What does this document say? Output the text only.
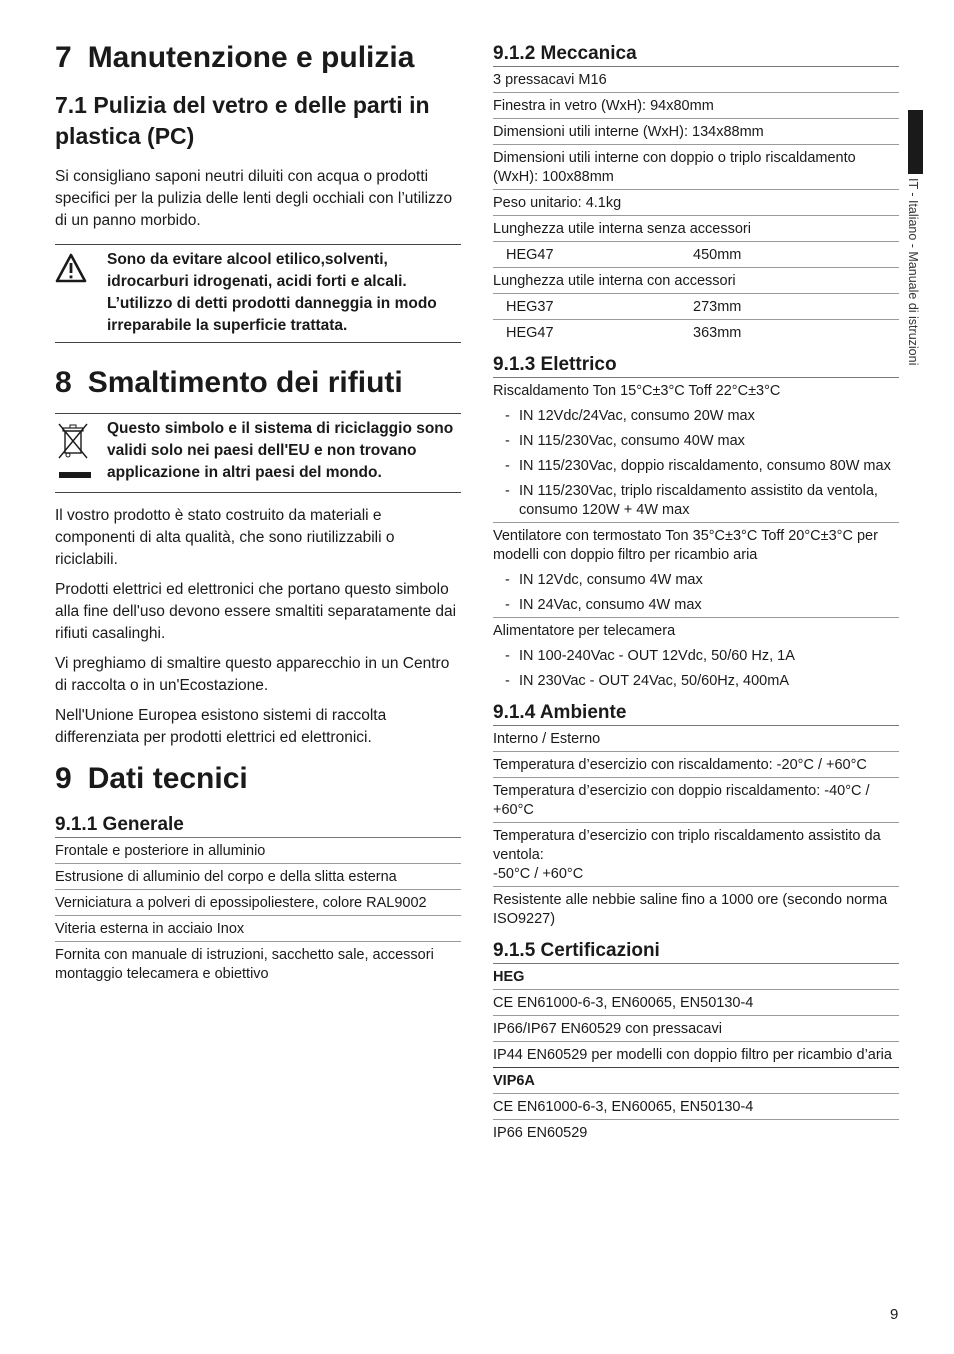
7 Manutenzione e pulizia
7.1 Pulizia del vetro e delle parti in plastica (PC)

Si consigliano saponi neutri diluiti con acqua o prodotti specifici per la pulizia delle lenti degli occhiali con l’utilizzo di un panno morbido.

Sono da evitare alcool etilico,solventi, idrocarburi idrogenati, acidi forti e alcali. L’utilizzo di detti prodotti danneggia in modo irreparabile la superficie trattata.
8 Smaltimento dei rifiuti
Questo simbolo e il sistema di riciclaggio sono validi solo nei paesi dell'EU e non trovano applicazione in altri paesi del mondo.

Il vostro prodotto è stato costruito da materiali e componenti di alta qualità, che sono riutilizzabili o riciclabili.

Prodotti elettrici ed elettronici che portano questo simbolo alla fine dell'uso devono essere smaltiti separatamente dai rifiuti casalinghi.

Vi preghiamo di smaltire questo apparecchio in un Centro di raccolta o in un'Ecostazione.

Nell'Unione Europea esistono sistemi di raccolta differenziata per prodotti elettrici ed elettronici.

9 Dati tecnici
9.1.1 Generale
Frontale e posteriore in alluminio
Estrusione di alluminio del corpo e della slitta esterna
Verniciatura a polveri di epossipoliestere, colore RAL9002
Viteria esterna in acciaio Inox
Fornita con manuale di istruzioni, sacchetto sale, accessori montaggio telecamera e obiettivo
9.1.2 Meccanica
3 pressacavi M16
Finestra in vetro (WxH): 94x80mm
Dimensioni utili interne (WxH): 134x88mm
Dimensioni utili interne con doppio o triplo riscaldamento (WxH): 100x88mm
Peso unitario: 4.1kg
Lunghezza utile interna senza accessori
HEG47	450mm
Lunghezza utile interna con accessori
HEG37	273mm
HEG47	363mm
9.1.3 Elettrico
Riscaldamento Ton 15°C±3°C Toff 22°C±3°C
- IN 12Vdc/24Vac, consumo 20W max
- IN 115/230Vac, consumo 40W max
- IN 115/230Vac, doppio riscaldamento, consumo 80W max
- IN 115/230Vac, triplo riscaldamento assistito da ventola, consumo 120W + 4W max
Ventilatore con termostato Ton 35°C±3°C Toff 20°C±3°C per modelli con doppio filtro per ricambio aria
- IN 12Vdc, consumo 4W max
- IN 24Vac, consumo 4W max
Alimentatore per telecamera
- IN 100-240Vac - OUT 12Vdc, 50/60 Hz, 1A
- IN 230Vac - OUT 24Vac, 50/60Hz, 400mA
9.1.4 Ambiente
Interno / Esterno
Temperatura d’esercizio con riscaldamento: -20°C / +60°C
Temperatura d’esercizio con doppio riscaldamento: -40°C / +60°C
Temperatura d’esercizio con triplo riscaldamento assistito da ventola:
-50°C / +60°C
Resistente alle nebbie saline fino a 1000 ore (secondo norma ISO9227)
9.1.5 Certificazioni
HEG
CE EN61000-6-3, EN60065, EN50130-4
IP66/IP67 EN60529 con pressacavi
IP44 EN60529 per modelli con doppio filtro per ricambio d’aria
VIP6A
CE EN61000-6-3, EN60065, EN50130-4
IP66 EN60529
IT - Italiano - Manuale di istruzioni
9
